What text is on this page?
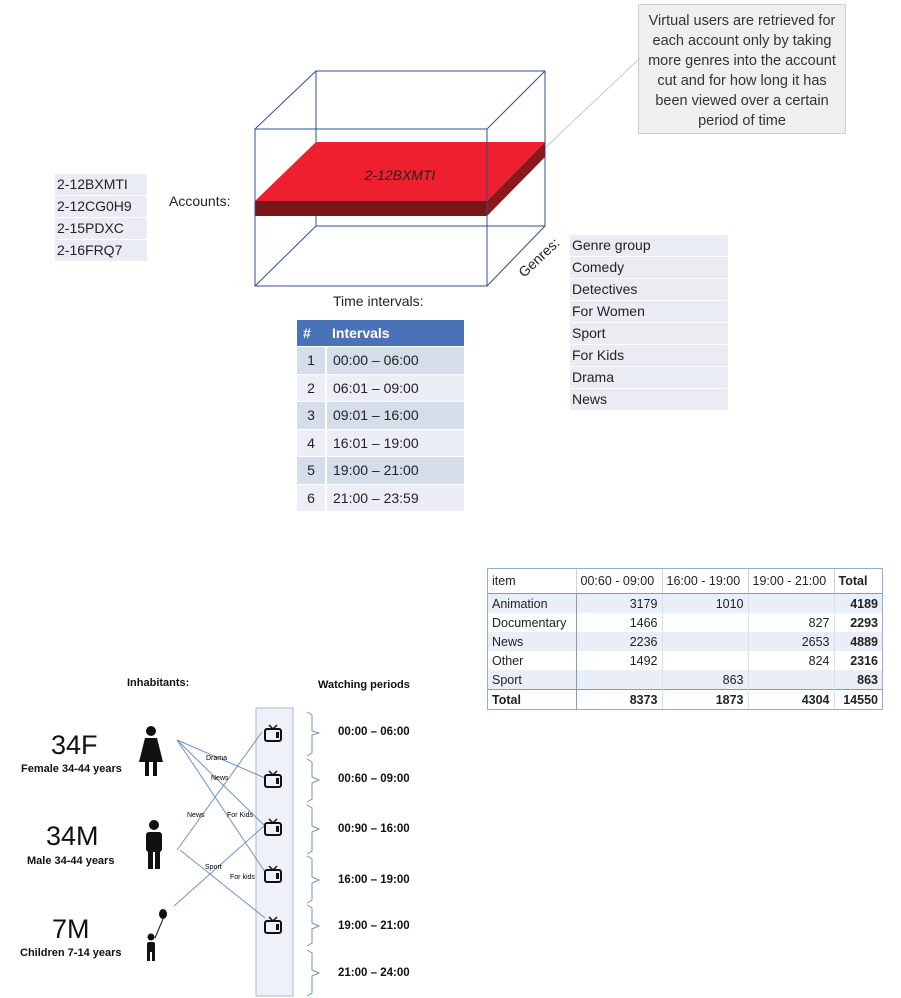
Virtual users are retrieved for each account only by taking more genres into the account cut and for how long it has been viewed over a certain period of time
2-12BXMTI
Accounts:
Genres:
Time intervals:
2-12BXMTI
2-12CG0H9
2-15PDXC
2-16FRQ7	Genre group
Comedy
Detectives
For Women
Sport
For Kids
Drama
News
#	Intervals
1	00:00 – 06:00
2	06:01 – 09:00
3	09:01 – 16:00
4	16:01 – 19:00
5	19:00 – 21:00
6	21:00 – 23:59
item	00:60 - 09:00	16:00 - 19:00	19:00 - 21:00	Total
Animation	3179	1010		4189
Documentary	1466		827	2293
News	2236		2653	4889
Other	1492		824	2316
Sport		863		863
Total	8373	1873	4304	14550
Drama
News
News	For Kids
Sport
For kids
Inhabitants:	Watching periods
34F
Female 34-44 years
34M
Male 34-44 years
7M
Children 7-14 years
00:00 – 06:00
00:60 – 09:00
00:90 – 16:00
16:00 – 19:00
19:00 – 21:00
21:00 – 24:00
